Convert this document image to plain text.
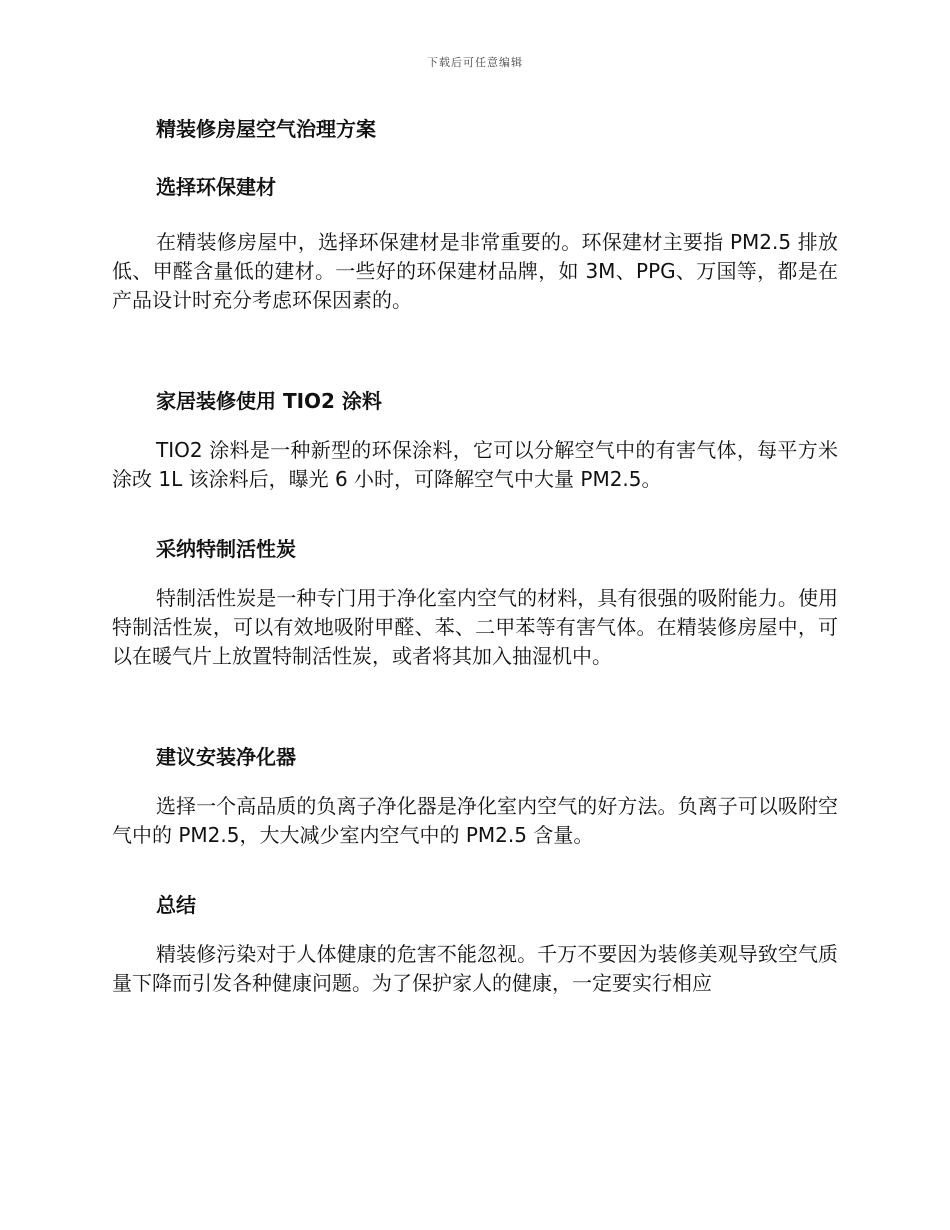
下载后可任意编辑
精装修房屋空气治理方案
选择环保建材

在精装修房屋中，选择环保建材是非常重要的。环保建材主要指 PM2.5 排放低、甲醛含量低的建材。一些好的环保建材品牌，如 3M、PPG、万国等，都是在产品设计时充分考虑环保因素的。

家居装修使用 TIO2 涂料

TIO2 涂料是一种新型的环保涂料，它可以分解空气中的有害气体，每平方米涂改 1L 该涂料后，曝光 6 小时，可降解空气中大量 PM2.5。

采纳特制活性炭

特制活性炭是一种专门用于净化室内空气的材料，具有很强的吸附能力。使用特制活性炭，可以有效地吸附甲醛、苯、二甲苯等有害气体。在精装修房屋中，可以在暖气片上放置特制活性炭，或者将其加入抽湿机中。

建议安装净化器

选择一个高品质的负离子净化器是净化室内空气的好方法。负离子可以吸附空气中的 PM2.5，大大减少室内空气中的 PM2.5 含量。

总结

精装修污染对于人体健康的危害不能忽视。千万不要因为装修美观导致空气质量下降而引发各种健康问题。为了保护家人的健康，一定要实行相应
